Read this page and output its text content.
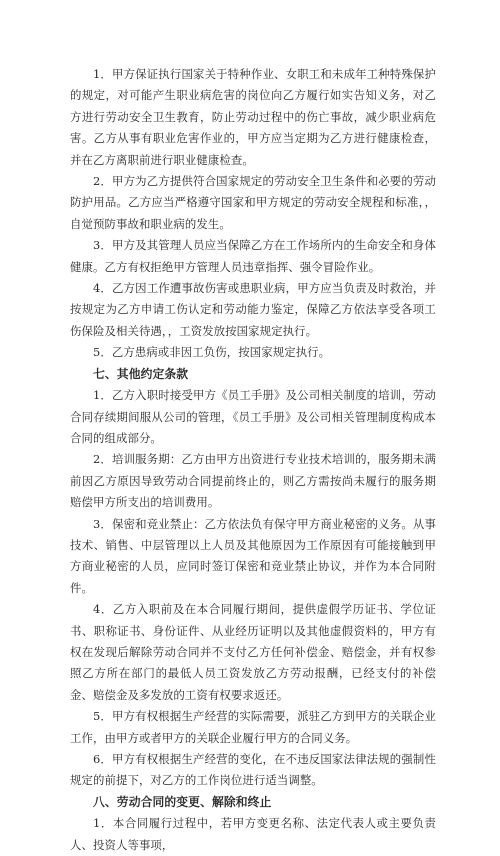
1．甲方保证执行国家关于特种作业、女职工和未成年工种特殊保护的规定，对可能产生职业病危害的岗位向乙方履行如实告知义务，对乙方进行劳动安全卫生教育，防止劳动过程中的伤亡事故，减少职业病危害。乙方从事有职业危害作业的，甲方应当定期为乙方进行健康检查，并在乙方离职前进行职业健康检查。

2．甲方为乙方提供符合国家规定的劳动安全卫生条件和必要的劳动防护用品。乙方应当严格遵守国家和甲方规定的劳动安全规程和标准，，自觉预防事故和职业病的发生。

3．甲方及其管理人员应当保障乙方在工作场所内的生命安全和身体健康。乙方有权拒绝甲方管理人员违章指挥、强令冒险作业。

4．乙方因工作遭事故伤害或患职业病，甲方应当负责及时救治，并按规定为乙方申请工伤认定和劳动能力鉴定，保障乙方依法享受各项工伤保险及相关待遇，，工资发放按国家规定执行。

5．乙方患病或非因工负伤，按国家规定执行。

七、其他约定条款

1．乙方入职时接受甲方《员工手册》及公司相关制度的培训，劳动合同存续期间服从公司的管理，《员工手册》及公司相关管理制度构成本合同的组成部分。

2．培训服务期：乙方由甲方出资进行专业技术培训的，服务期未满前因乙方原因导致劳动合同提前终止的，则乙方需按尚未履行的服务期赔偿甲方所支出的培训费用。

3．保密和竞业禁止：乙方依法负有保守甲方商业秘密的义务。从事技术、销售、中层管理以上人员及其他原因为工作原因有可能接触到甲方商业秘密的人员，应同时签订保密和竞业禁止协议，并作为本合同附件。

4．乙方入职前及在本合同履行期间，提供虚假学历证书、学位证书、职称证书、身份证件、从业经历证明以及其他虚假资料的，甲方有权在发现后解除劳动合同并不支付乙方任何补偿金、赔偿金，并有权参照乙方所在部门的最低人员工资发放乙方劳动报酬，已经支付的补偿金、赔偿金及多发放的工资有权要求返还。

5．甲方有权根据生产经营的实际需要，派驻乙方到甲方的关联企业工作，由甲方或者甲方的关联企业履行甲方的合同义务。

6．甲方有权根据生产经营的变化，在不违反国家法律法规的强制性规定的前提下，对乙方的工作岗位进行适当调整。

八、劳动合同的变更、解除和终止

1．本合同履行过程中，若甲方变更名称、法定代表人或主要负责人、投资人等事项，
